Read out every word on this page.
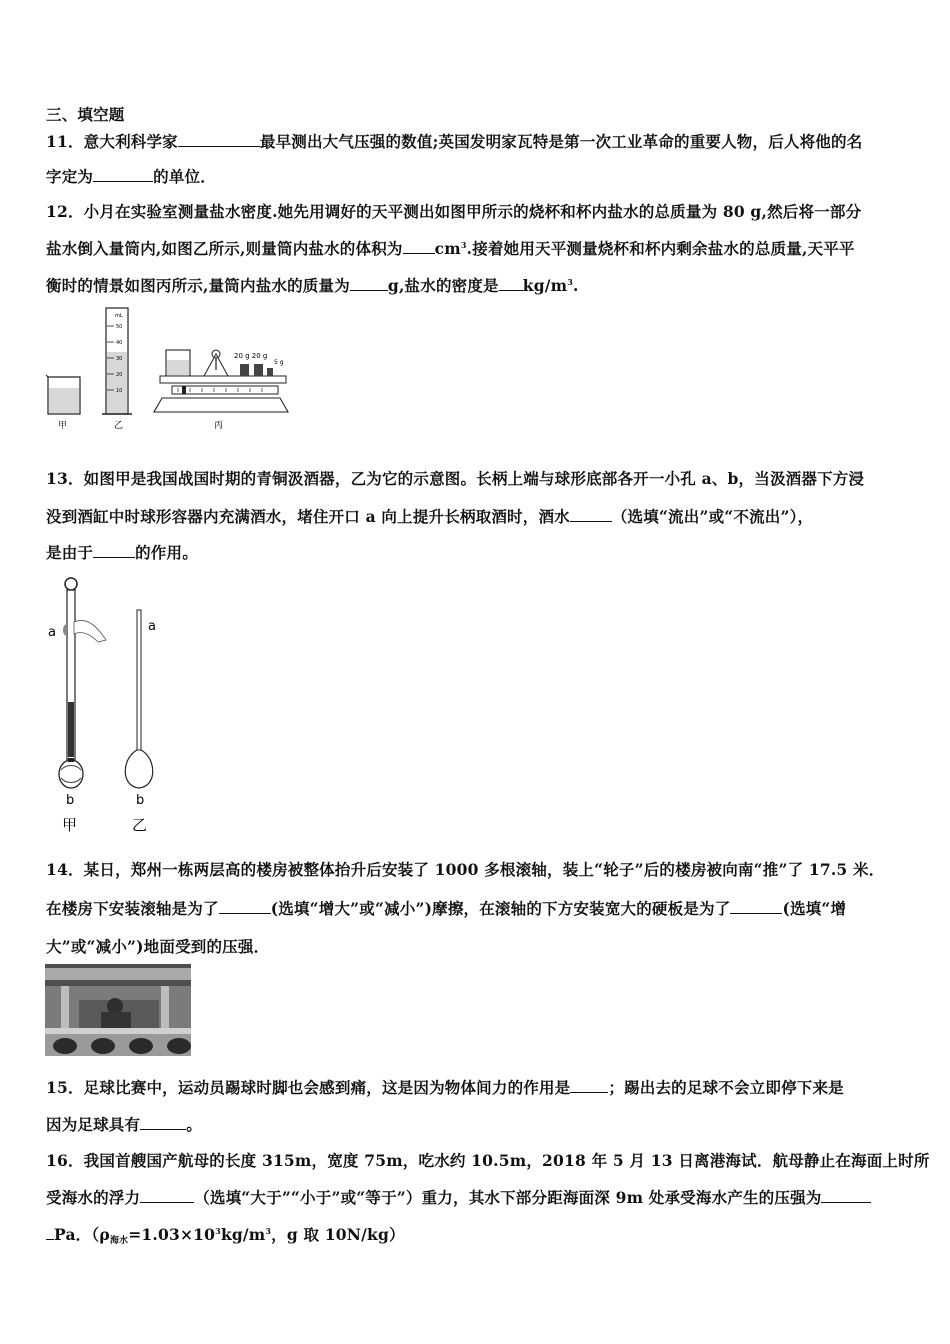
三、填空题
11．意大利科学家	最早测出大气压强的数值;英国发明家瓦特是第一次工业革命的重要人物，后人将他的名
字定为	的单位．
12．小月在实验室测量盐水密度.她先用调好的天平测出如图甲所示的烧杯和杯内盐水的总质量为 80 g,然后将一部分
盐水倒入量筒内,如图乙所示,则量筒内盐水的体积为 $cm^3$.接着她用天平测量烧杯和杯内剩余盐水的总质量,天平平
衡时的情景如图丙所示,量筒内盐水的质量为 g,盐水的密度是 $kg/m^3$.
甲
mL
50
40
30
20
10
乙
20 g 20 g
5 g
丙
13．如图甲是我国战国时期的青铜汲酒器，乙为它的示意图。长柄上端与球形底部各开一小孔 a、b，当汲酒器下方浸
没到酒缸中时球形容器内充满酒水，堵住开口 a 向上提升长柄取酒时，酒水	（选填“流出”或“不流出”），
是由于	的作用。
a
b
甲
a
b
乙
14．某日，郑州一栋两层高的楼房被整体抬升后安装了 1000 多根滚轴，装上“轮子”后的楼房被向南“推”了 17.5 米．
在楼房下安装滚轴是为了	(选填“增大”或“减小”)摩擦，在滚轴的下方安装宽大的硬板是为了	(选填“增
大”或“减小”)地面受到的压强．
15．足球比赛中，运动员踢球时脚也会感到痛，这是因为物体间力的作用是 ；踢出去的足球不会立即停下来是
因为足球具有	。
16．我国首艘国产航母的长度 315m，宽度 75m，吃水约 10.5m，2018 年 5 月 13 日离港海试．航母静止在海面上时所
受海水的浮力	（选填“大于”“小于”或“等于”）重力，其水下部分距海面深 9m 处承受海水产生的压强为
Pa．（$\rho_{海水}=1.03\times 10^3kg/m^3$，g 取 10N/kg）
